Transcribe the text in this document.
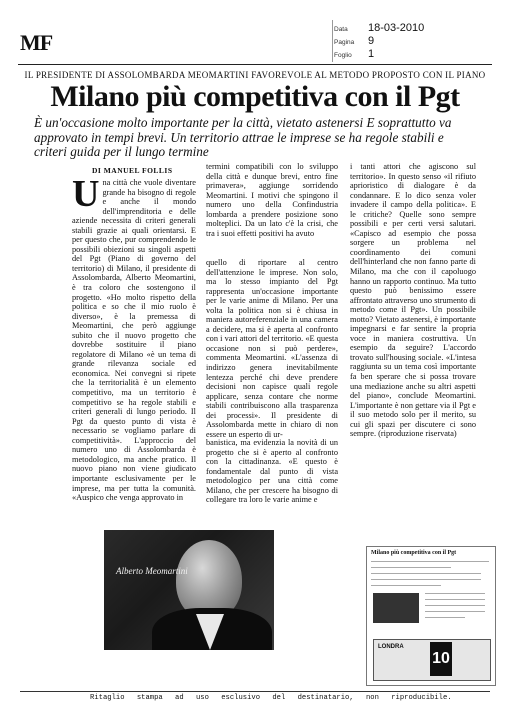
MF
Data	18-03-2010
Pagina	9
Foglio	1
IL PRESIDENTE DI ASSOLOMBARDA MEOMARTINI FAVOREVOLE AL METODO PROPOSTO CON IL PIANO
Milano più competitiva con il Pgt
È un'occasione molto importante per la città, vietato astenersi E soprattutto va approvato in tempi brevi. Un territorio attrae le imprese se ha regole stabili e criteri guida per il lungo termine
DI MANUEL FOLLIS
U na città che vuole diventare grande ha bisogno di regole e anche il mondo dell'imprenditoria e delle aziende necessita di criteri generali stabili grazie ai quali orientarsi. E per questo che, pur comprendendo le possibili obiezioni su singoli aspetti del Pgt (Piano di governo del territorio) di Milano, il presidente di Assolombarda, Alberto Meomartini, è tra coloro che sostengono il progetto. «Ho molto rispetto della politica e so che il mio ruolo è diverso», è la premessa di Meomartini, che però aggiunge subito che il nuovo progetto che dovrebbe sostituire il piano regolatore di Milano «è un tema di grande rilevanza sociale ed economica. Nei convegni si ripete che la territorialità è un elemento competitivo, ma un territorio è competitivo se ha regole stabili e criteri generali di lungo periodo. Il Pgt da questo punto di vista è necessario se vogliamo parlare di competitività». L'approccio del numero uno di Assolombarda è metodologico, ma anche pratico. Il nuovo piano non viene giudicato importante esclusivamente per le imprese, ma per tutta la comunità. «Auspico che venga approvato in
termini compatibili con lo sviluppo della città e dunque brevi, entro fine primavera», aggiunge sorridendo Meomartini. I motivi che spingono il numero uno della Confindustria lombarda a prendere posizione sono molteplici. Da un lato c'è la crisi, che tra i suoi effetti positivi ha avuto
quello di riportare al centro dell'attenzione le imprese. Non solo, ma lo stesso impianto del Pgt rappresenta un'occasione importante per le varie anime di Milano. Per una volta la politica non si è chiusa in maniera autoreferenziale in una camera a decidere, ma si è aperta al confronto con i vari attori del territorio. «E questa occasione non si può perdere», commenta Meomartini. «L'assenza di indirizzo genera inevitabilmente lentezza perché chi deve prendere decisioni non capisce quali regole applicare, senza contare che norme stabili contribuiscono alla trasparenza dei processi». Il presidente di Assolombarda mette in chiaro di non essere un esperto di ur-
banistica, ma evidenzia la novità di un progetto che si è aperto al confronto con la cittadinanza. «E questo è fondamentale dal punto di vista metodologico per una città come Milano, che per crescere ha bisogno di collegare tra loro le varie anime e
i tanti attori che agiscono sul territorio». In questo senso «il rifiuto aprioristico di dialogare è da condannare. E lo dico senza voler invadere il campo della politica». E le critiche? Quelle sono sempre possibili e per certi versi salutari. «Capisco ad esempio che possa sorgere un problema nel coordinamento dei comuni dell'hinterland che non fanno parte di Milano, ma che con il capoluogo hanno un rapporto continuo. Ma tutto questo può benissimo essere affrontato attraverso uno strumento di metodo come il Pgt». Un possibile motto? Vietato astenersi, è importante impegnarsi e far sentire la propria voce in maniera costruttiva. Un esempio da seguire? L'accordo trovato sull'housing sociale. «L'intesa raggiunta su un tema così importante fa ben sperare che si possa trovare una mediazione anche su altri aspetti del piano», conclude Meomartini. L'importante è non gettare via il Pgt e il suo metodo solo per il merito, su cui gli spazi per discutere ci sono sempre. (riproduzione riservata)
Alberto Meomartini
Milano più competitiva con il Pgt
LONDRA
10
Ritaglio stampa ad uso esclusivo del destinatario, non riproducibile.
